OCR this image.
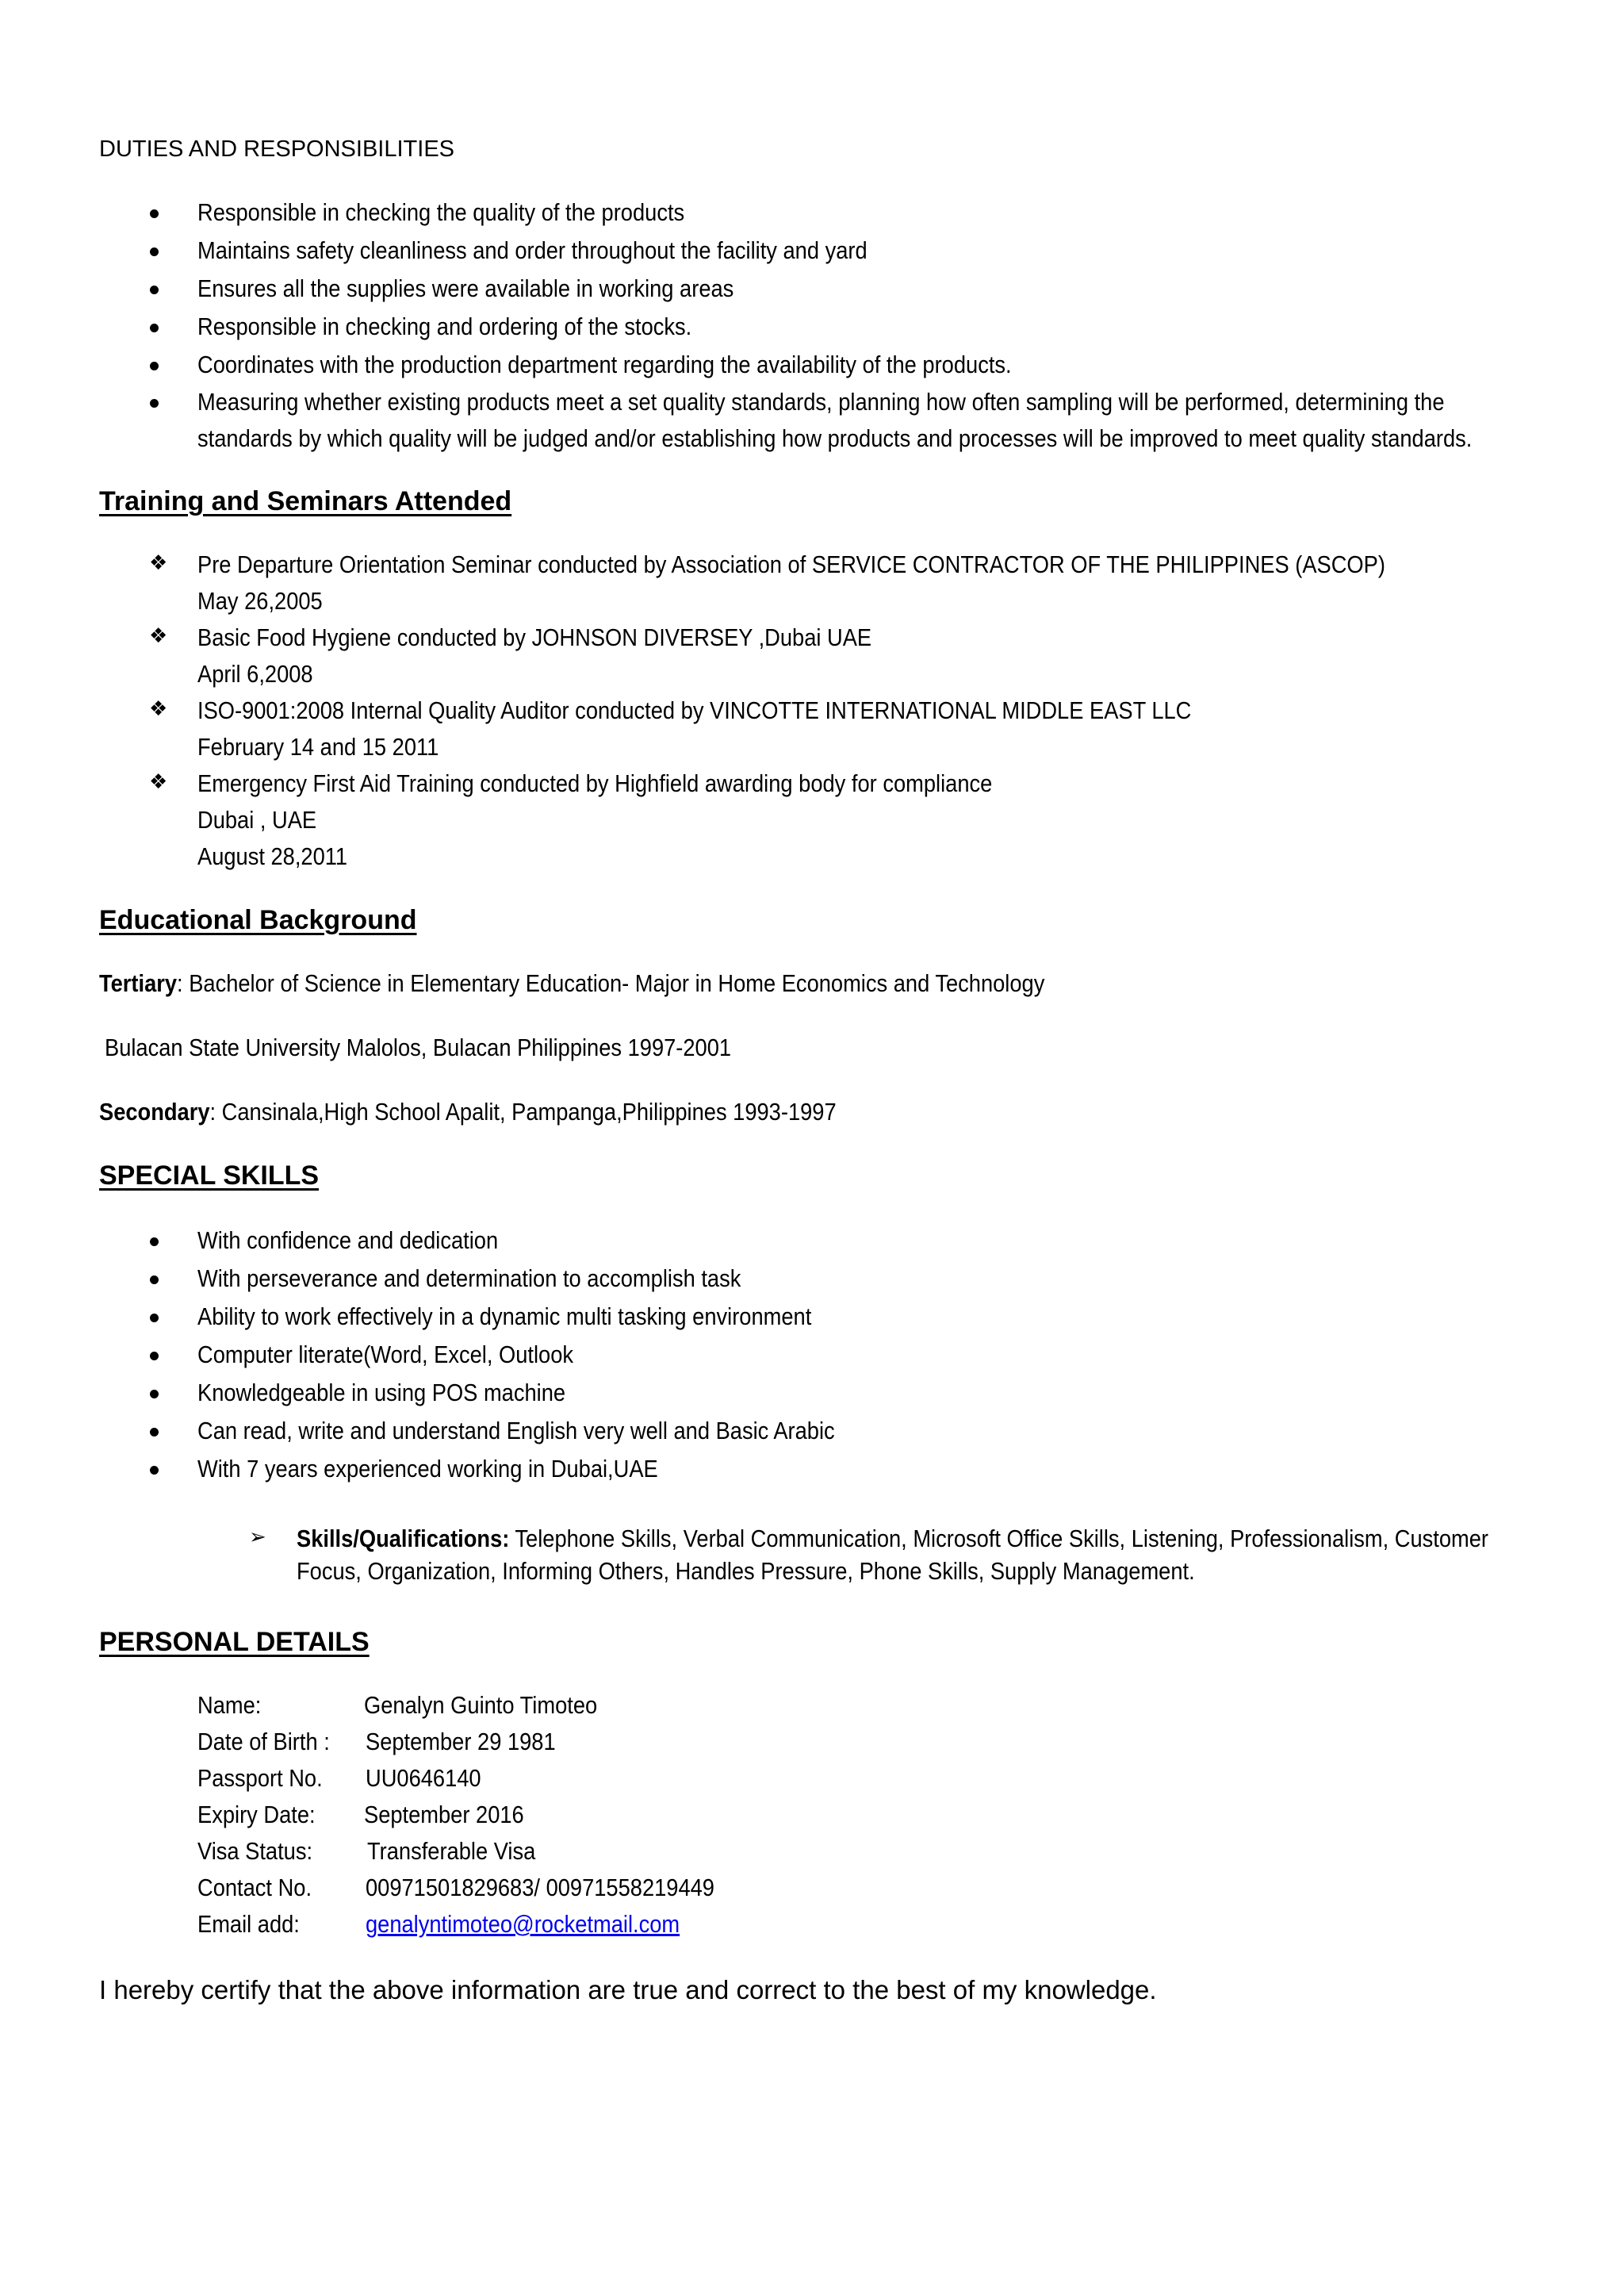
DUTIES AND RESPONSIBILITIES
Responsible in checking the quality of the products
Maintains safety cleanliness and order throughout the facility and yard
Ensures all the supplies were available in working areas
Responsible in checking and ordering of the stocks.
Coordinates with the production department regarding the availability of the products.
Measuring whether existing products meet a set quality standards, planning how often sampling will be performed, determining the
standards by which quality will be judged and/or establishing how products and processes will be improved to meet quality standards.
Training and Seminars Attended
❖ Pre Departure Orientation Seminar conducted by Association of SERVICE CONTRACTOR OF THE PHILIPPINES (ASCOP)
May 26,2005
❖ Basic Food Hygiene conducted by JOHNSON DIVERSEY ,Dubai UAE
April 6,2008
❖ ISO-9001:2008 Internal Quality Auditor conducted by VINCOTTE INTERNATIONAL MIDDLE EAST LLC
February 14 and 15 2011
❖ Emergency First Aid Training conducted by Highfield awarding body for compliance
Dubai , UAE
August 28,2011
Educational Background
Tertiary: Bachelor of Science in Elementary Education- Major in Home Economics and Technology
Bulacan State University Malolos, Bulacan Philippines 1997-2001
Secondary: Cansinala,High School Apalit, Pampanga,Philippines 1993-1997
SPECIAL SKILLS
With confidence and dedication
With perseverance and determination to accomplish task
Ability to work effectively in a dynamic multi tasking environment
Computer literate(Word, Excel, Outlook
Knowledgeable in using POS machine
Can read, write and understand English very well and Basic Arabic
With 7 years experienced working in Dubai,UAE
➢ Skills/Qualifications: Telephone Skills, Verbal Communication, Microsoft Office Skills, Listening, Professionalism, Customer
Focus, Organization, Informing Others, Handles Pressure, Phone Skills, Supply Management.
PERSONAL DETAILS
Name:	Genalyn Guinto Timoteo
Date of Birth :	September 29 1981
Passport No.	UU0646140
Expiry Date:	September 2016
Visa Status:	Transferable Visa
Contact No.	00971501829683/ 00971558219449
Email add:	genalyntimoteo@rocketmail.com
I hereby certify that the above information are true and correct to the best of my knowledge.
